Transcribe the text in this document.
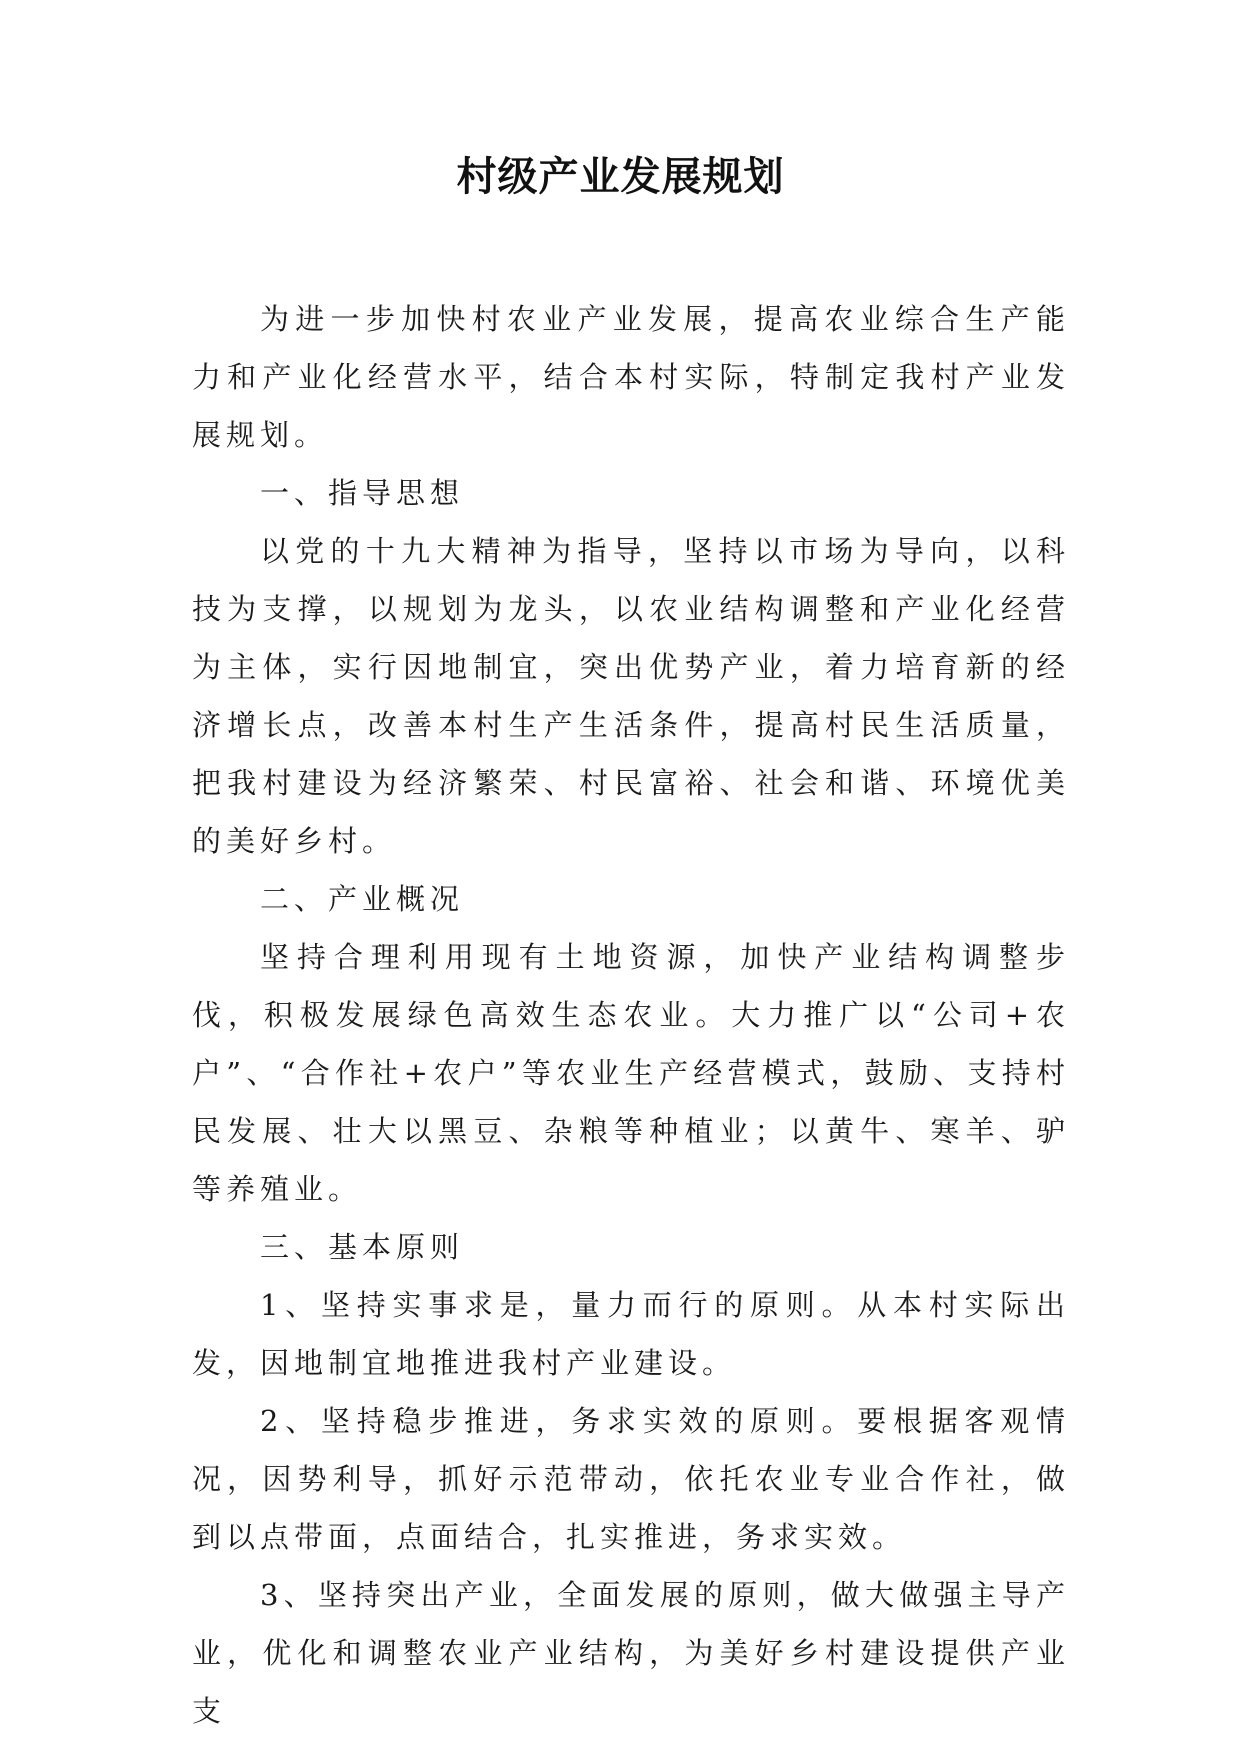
村级产业发展规划

为进一步加快村农业产业发展，提高农业综合生产能力和产业化经营水平，结合本村实际，特制定我村产业发展规划。

一、指导思想

以党的十九大精神为指导，坚持以市场为导向，以科技为支撑，以规划为龙头，以农业结构调整和产业化经营为主体，实行因地制宜，突出优势产业，着力培育新的经济增长点，改善本村生产生活条件，提高村民生活质量，把我村建设为经济繁荣、村民富裕、社会和谐、环境优美的美好乡村。

二、产业概况

坚持合理利用现有土地资源，加快产业结构调整步伐，积极发展绿色高效生态农业。大力推广以“公司+农户”、“合作社+农户”等农业生产经营模式，鼓励、支持村民发展、壮大以黑豆、杂粮等种植业；以黄牛、寒羊、驴等养殖业。

三、基本原则

1、坚持实事求是，量力而行的原则。从本村实际出发，因地制宜地推进我村产业建设。

2、坚持稳步推进，务求实效的原则。要根据客观情况，因势利导，抓好示范带动，依托农业专业合作社，做到以点带面，点面结合，扎实推进，务求实效。

3、坚持突出产业，全面发展的原则，做大做强主导产业，优化和调整农业产业结构，为美好乡村建设提供产业支
